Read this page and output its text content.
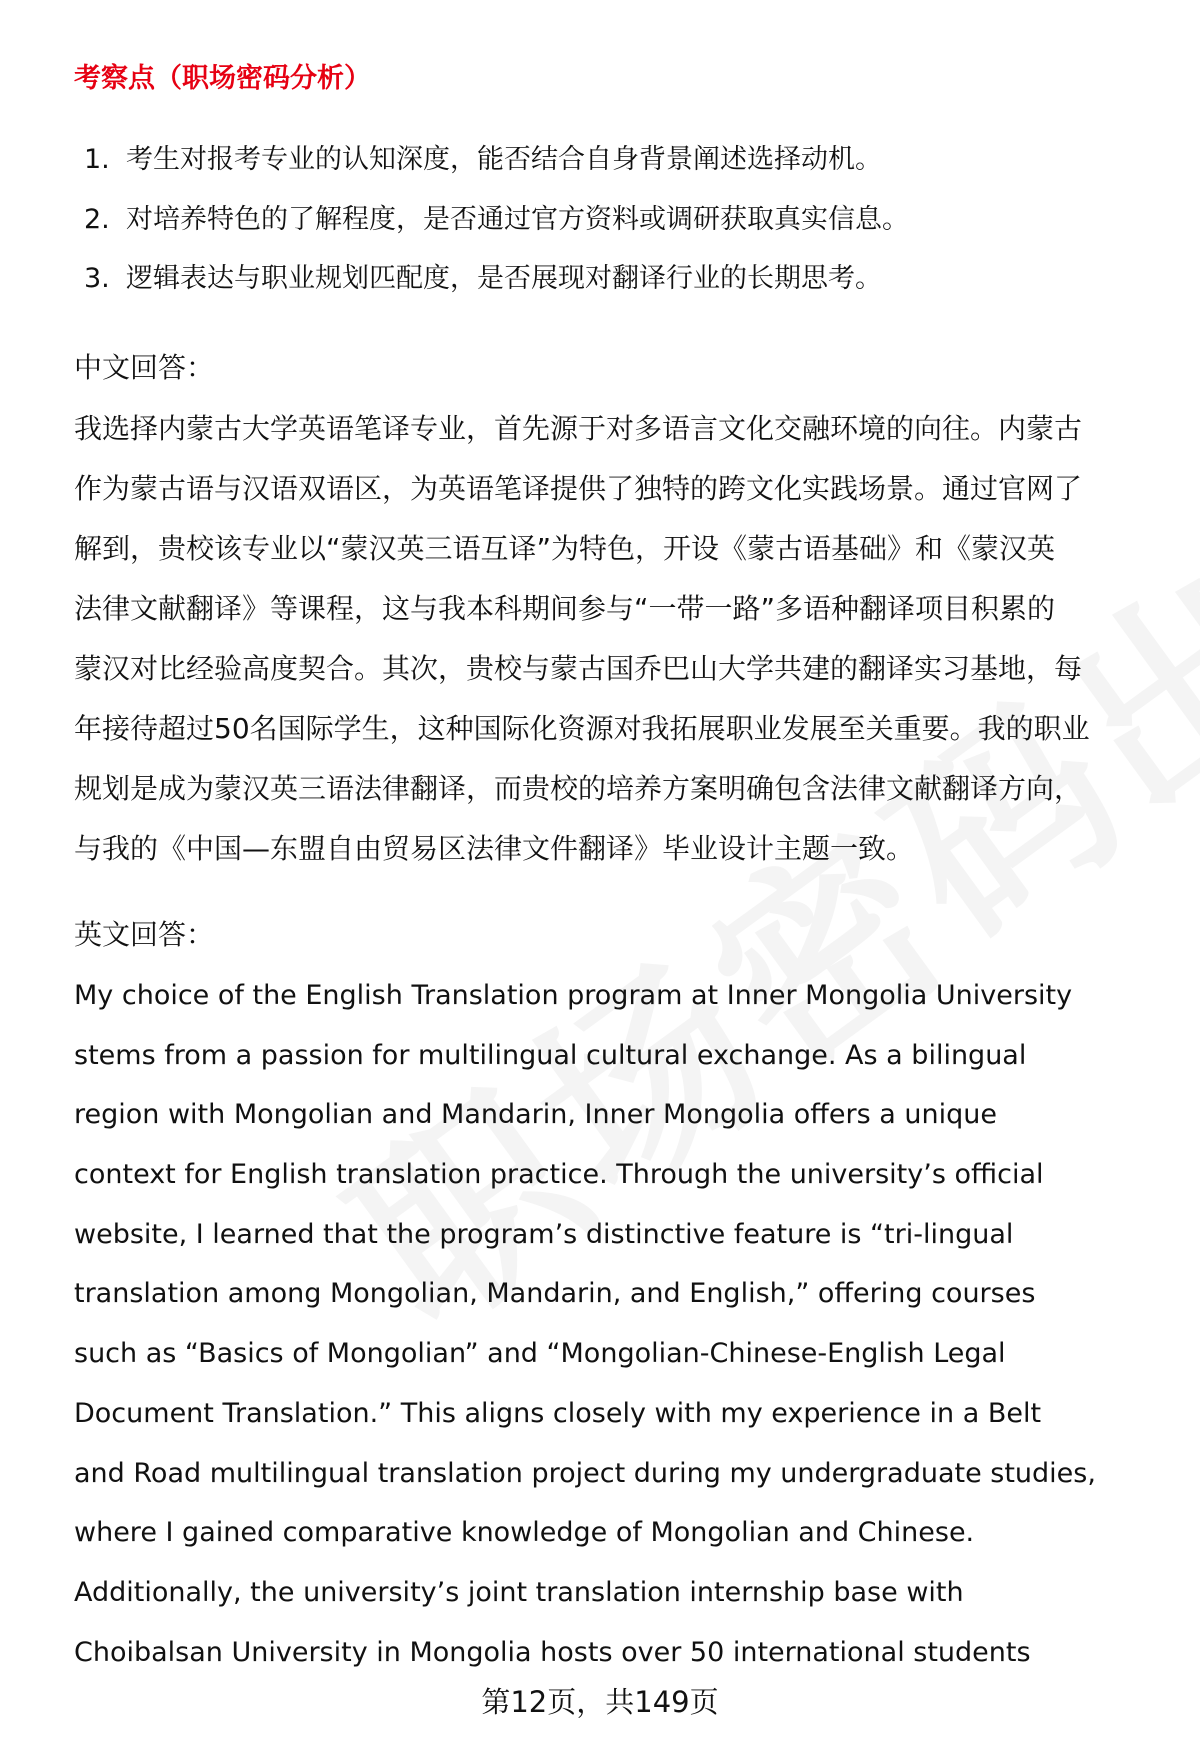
考察点（职场密码分析）
1. 考生对报考专业的认知深度，能否结合自身背景阐述选择动机。
2. 对培养特色的了解程度，是否通过官方资料或调研获取真实信息。
3. 逻辑表达与职业规划匹配度，是否展现对翻译行业的长期思考。
中文回答：
我选择内蒙古大学英语笔译专业，首先源于对多语言文化交融环境的向往。内蒙古
作为蒙古语与汉语双语区，为英语笔译提供了独特的跨文化实践场景。通过官网了
解到，贵校该专业以“蒙汉英三语互译”为特色，开设《蒙古语基础》和《蒙汉英
法律文献翻译》等课程，这与我本科期间参与“一带一路”多语种翻译项目积累的
蒙汉对比经验高度契合。其次，贵校与蒙古国乔巴山大学共建的翻译实习基地，每
年接待超过50名国际学生，这种国际化资源对我拓展职业发展至关重要。我的职业
规划是成为蒙汉英三语法律翻译，而贵校的培养方案明确包含法律文献翻译方向，
与我的《中国—东盟自由贸易区法律文件翻译》毕业设计主题一致。
英文回答：
My choice of the English Translation program at Inner Mongolia University
stems from a passion for multilingual cultural exchange. As a bilingual
region with Mongolian and Mandarin, Inner Mongolia offers a unique
context for English translation practice. Through the university’s official
website, I learned that the program’s distinctive feature is “tri-lingual
translation among Mongolian, Mandarin, and English,” offering courses
such as “Basics of Mongolian” and “Mongolian-Chinese-English Legal
Document Translation.” This aligns closely with my experience in a Belt
and Road multilingual translation project during my undergraduate studies,
where I gained comparative knowledge of Mongolian and Chinese.
Additionally, the university’s joint translation internship base with
Choibalsan University in Mongolia hosts over 50 international students
第12页，共149页
